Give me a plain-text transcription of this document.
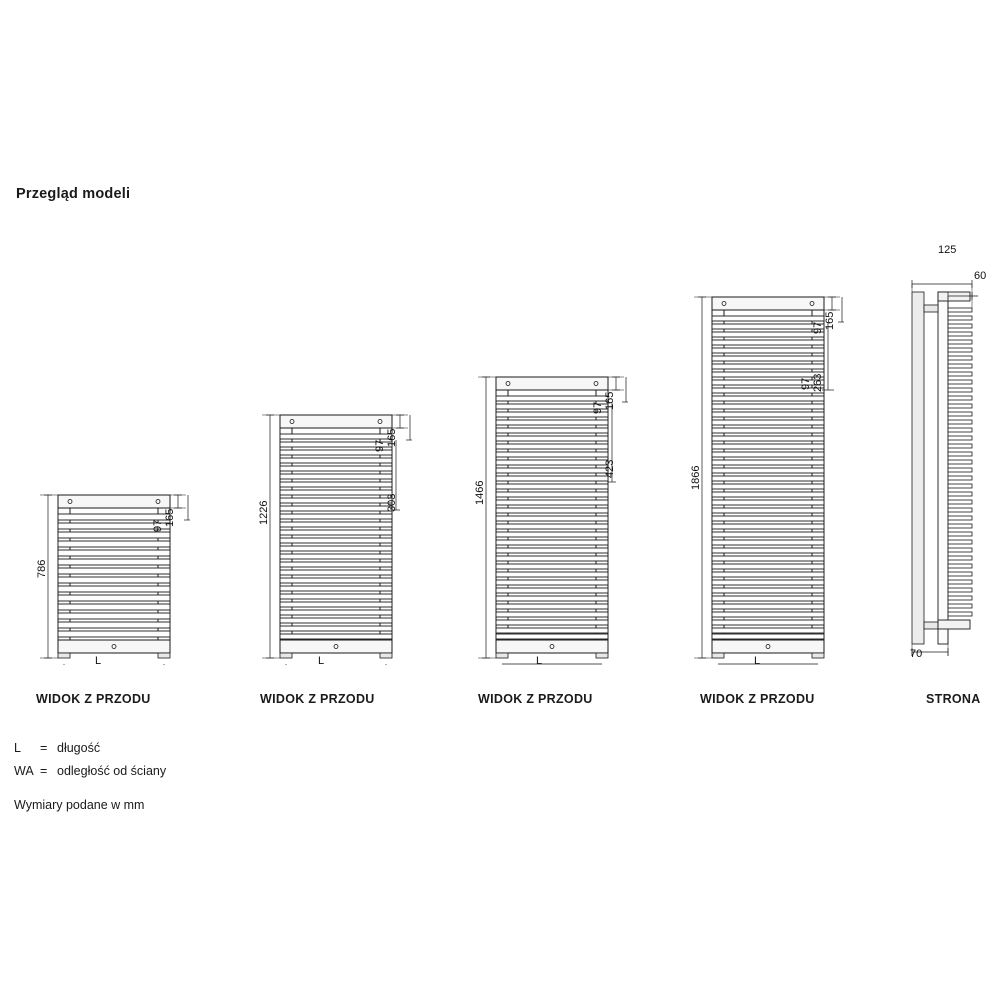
Przegląd modeli
786
L
165
97
WIDOK Z PRZODU
1226
L
165
97
303
WIDOK Z PRZODU
1466
L
165
97
423
WIDOK Z PRZODU
1866
L
165
97
263
97
WIDOK Z PRZODU
125
60
70
STRONA
L = długość
WA = odległość od ściany
Wymiary podane w mm
